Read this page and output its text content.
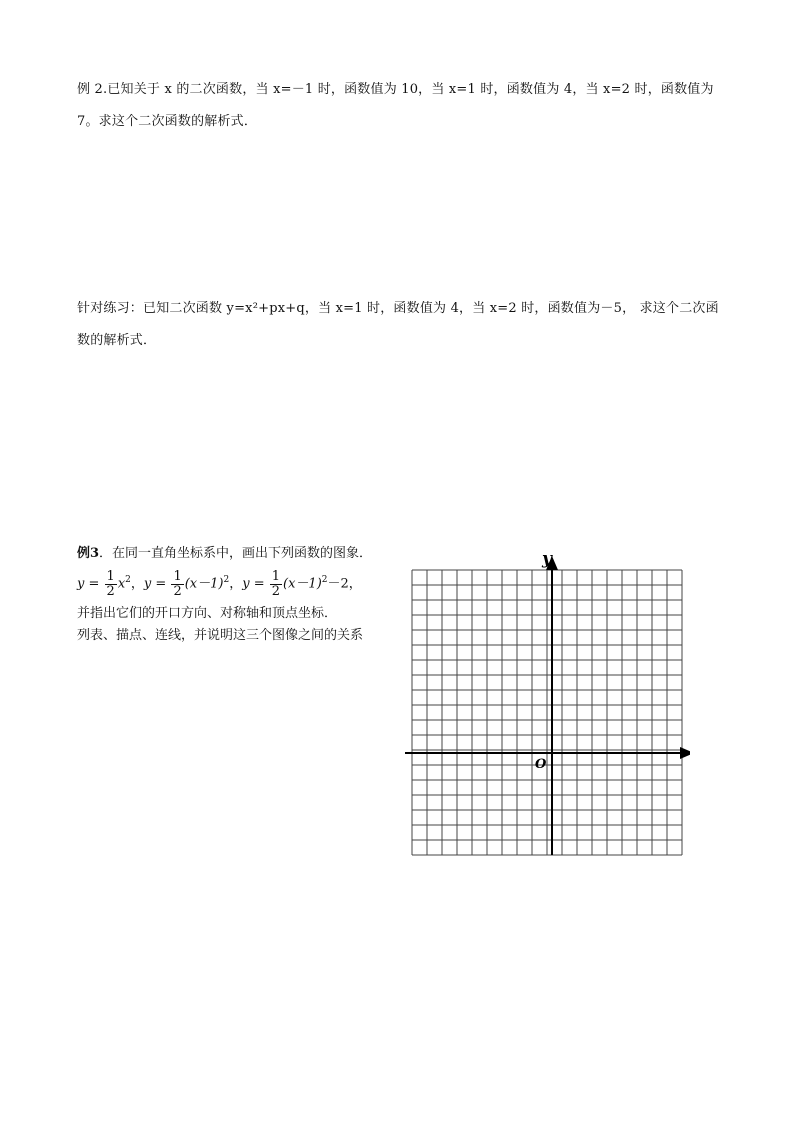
例 2.已知关于 x 的二次函数，当 x=－1 时，函数值为 10，当 x=1 时，函数值为 4，当 x=2 时，函数值为
7。求这个二次函数的解析式．
针对练习：已知二次函数 y=x²+px+q，当 x=1 时，函数值为 4，当 x=2 时，函数值为－5， 求这个二次函
数的解析式．
例3．在同一直角坐标系中，画出下列函数的图象．
$y = \frac{1}{2} x^2$， $y = \frac{1}{2} (x-1)^2$， $y = \frac{1}{2} (x-1)^2-2$，
并指出它们的开口方向、对称轴和顶点坐标．
列表、描点、连线，并说明这三个图像之间的关系
y
O
